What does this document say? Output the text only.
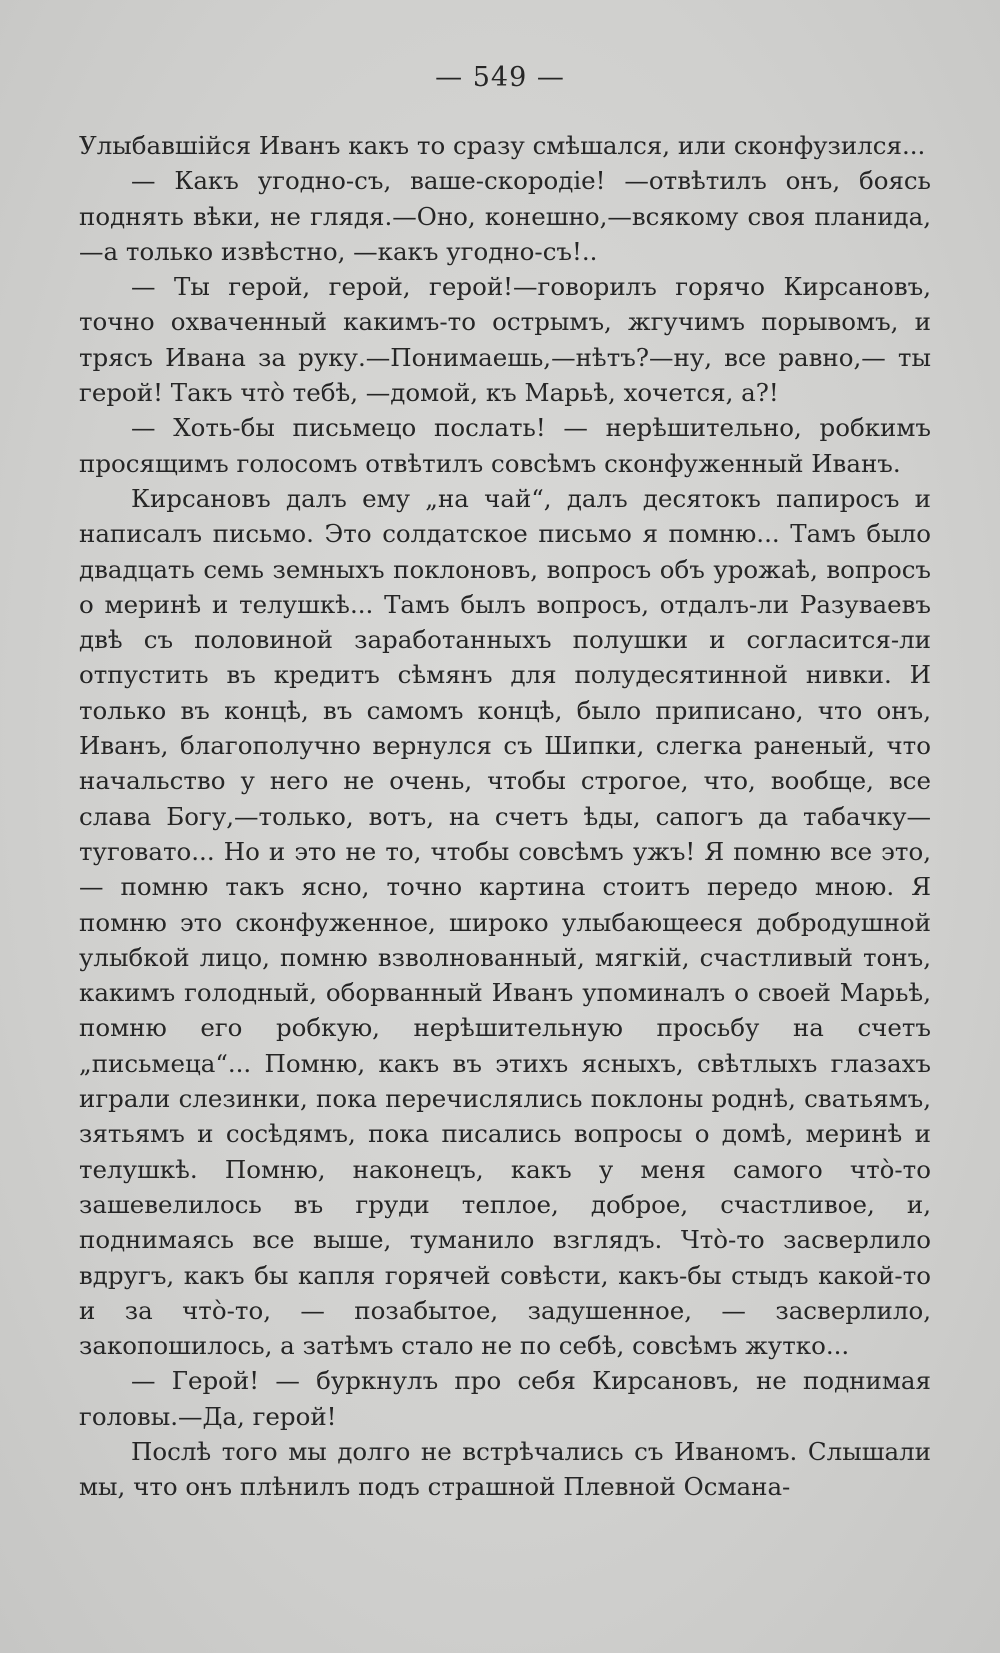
— 549 —

Улыбавшійся Иванъ какъ то сразу смѣшался, или сконфузился...

— Какъ угодно-съ, ваше-скородіе! —отвѣтилъ онъ, боясь поднять вѣки, не глядя.—Оно, конешно,—всякому своя планида,—а только извѣстно, —какъ угодно-съ!..

— Ты герой, герой, герой!—говорилъ горячо Кирсановъ, точно охваченный какимъ-то острымъ, жгучимъ порывомъ, и трясъ Ивана за руку.—Понимаешь,—нѣтъ?—ну, все равно,— ты герой! Такъ что̀ тебѣ, —домой, къ Марьѣ, хочется, а?!

— Хоть-бы письмецо послать! — нерѣшительно, робкимъ просящимъ голосомъ отвѣтилъ совсѣмъ сконфуженный Иванъ.

Кирсановъ далъ ему „на чай“, далъ десятокъ папиросъ и написалъ письмо. Это солдатское письмо я помню... Тамъ было двадцать семь земныхъ поклоновъ, вопросъ объ урожаѣ, вопросъ о меринѣ и телушкѣ... Тамъ былъ вопросъ, отдалъ-ли Разуваевъ двѣ съ половиной заработанныхъ полушки и согласится-ли отпустить въ кредитъ сѣмянъ для полудесятинной нивки. И только въ концѣ, въ самомъ концѣ, было приписано, что онъ, Иванъ, благополучно вернулся съ Шипки, слегка раненый, что начальство у него не очень, чтобы строгое, что, вообще, все слава Богу,—только, вотъ, на счетъ ѣды, сапогъ да табачку—туговато... Но и это не то, чтобы совсѣмъ ужъ! Я помню все это, — помню такъ ясно, точно картина стоитъ передо мною. Я помню это сконфуженное, широко улыбающееся добродушной улыбкой лицо, помню взволнованный, мягкій, счастливый тонъ, какимъ голодный, оборванный Иванъ упоминалъ о своей Марьѣ, помню его робкую, нерѣшительную просьбу на счетъ „письмеца“... Помню, какъ въ этихъ ясныхъ, свѣтлыхъ глазахъ играли слезинки, пока перечислялись поклоны роднѣ, сватьямъ, зятьямъ и сосѣдямъ, пока писались вопросы о домѣ, меринѣ и телушкѣ. Помню, наконецъ, какъ у меня самого что̀-то зашевелилось въ груди теплое, доброе, счастливое, и, поднимаясь все выше, туманило взглядъ. Что̀-то засверлило вдругъ, какъ бы капля горячей совѣсти, какъ-бы стыдъ какой-то и за что̀-то, — позабытое, задушенное, — засверлило, закопошилось, а затѣмъ стало не по себѣ, совсѣмъ жутко...

— Герой! — буркнулъ про себя Кирсановъ, не поднимая головы.—Да, герой!

Послѣ того мы долго не встрѣчались съ Иваномъ. Слышали мы, что онъ плѣнилъ подъ страшной Плевной Османа-
